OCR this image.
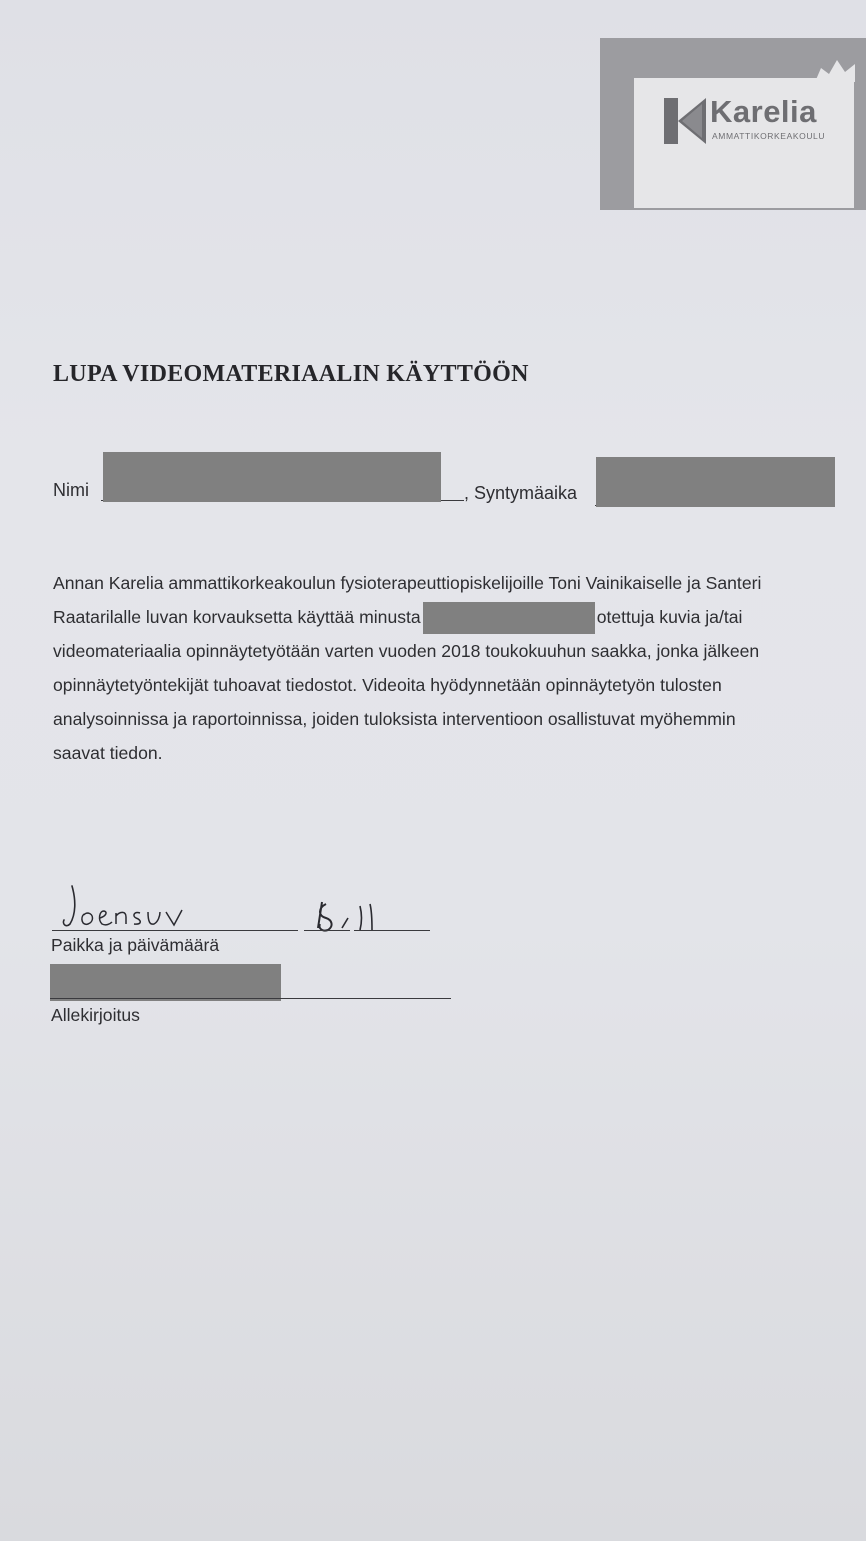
Karelia
AMMATTIKORKEAKOULU
LUPA VIDEOMATERIAALIN KÄYTTÖÖN
Nimi	, Syntymäaika
Annan Karelia ammattikorkeakoulun fysioterapeuttiopiskelijoille Toni Vainikaiselle ja Santeri
Raatarilalle luvan korvauksetta käyttää minusta	otettuja kuvia ja/tai
videomateriaalia opinnäytetyötään varten vuoden 2018 toukokuuhun saakka, jonka jälkeen
opinnäytetyöntekijät tuhoavat tiedostot. Videoita hyödynnetään opinnäytetyön tulosten
analysoinnissa ja raportoinnissa, joiden tuloksista interventioon osallistuvat myöhemmin
saavat tiedon.
Paikka ja päivämäärä
Allekirjoitus
